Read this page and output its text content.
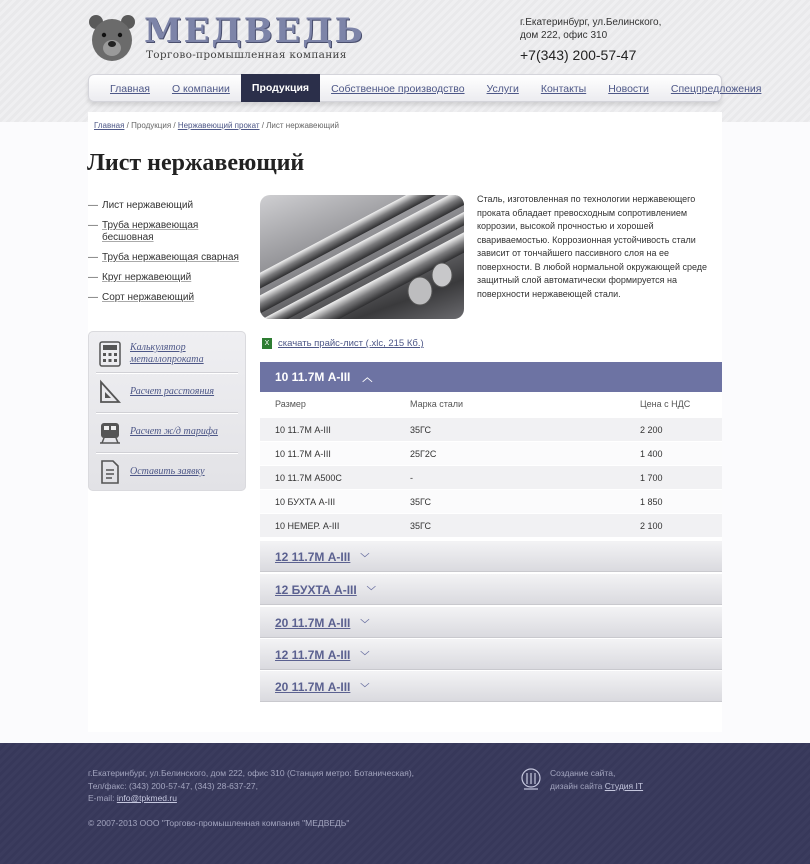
МЕДВЕДЬ
Торгово-промышленная компания
г.Екатеринбург, ул.Белинского,
дом 222, офис 310
+7(343) 200-57-47
Главная	О компании	Продукция	Собственное производство	Услуги	Контакты	Новости	Спецпредложения
Главная / Продукция / Нержавеющий прокат / Лист нержавеющий
Лист нержавеющий
— Лист нержавеющий
— Труба нержавеющая бесшовная
— Труба нержавеющая сварная
— Круг нержавеющий
— Сорт нержавеющий
Калькулятор металлопроката
Расчет расстояния
Расчет ж/д тарифа
Оставить заявку

Сталь, изготовленная по технологии нержавеющего проката обладает превосходным сопротивлением коррозии, высокой прочностью и хорошей свариваемостью. Коррозионная устойчивость стали зависит от тончайшего пассивного слоя на ее поверхности. В любой нормальной окружающей среде защитный слой автоматически формируется на поверхности нержавеющей стали.

X скачать прайс-лист (.xlc, 215 Кб.)
10 11.7М А-III ︿
Размер	Марка стали	Цена с НДС
10 11.7М А-III	35ГС	2 200
10 11.7М А-III	25Г2С	1 400
10 11.7М А500С	-	1 700
10 БУХТА А-III	35ГС	1 850
10 НЕМЕР. А-III	35ГС	2 100
12 11.7М А-III ﹀
12 БУХТА А-III ﹀
20 11.7М А-III ﹀
12 11.7М А-III ﹀
20 11.7М А-III ﹀
г.Екатеринбург, ул.Белинского, дом 222, офис 310 (Станция метро: Ботаническая),
Тел/факс: (343) 200-57-47, (343) 28-637-27,
E-mail: info@tpkmed.ru
© 2007-2013 ООО "Торгово-промышленная компания "МЕДВЕДЬ"
Создание сайта,
дизайн сайта Студия IT
